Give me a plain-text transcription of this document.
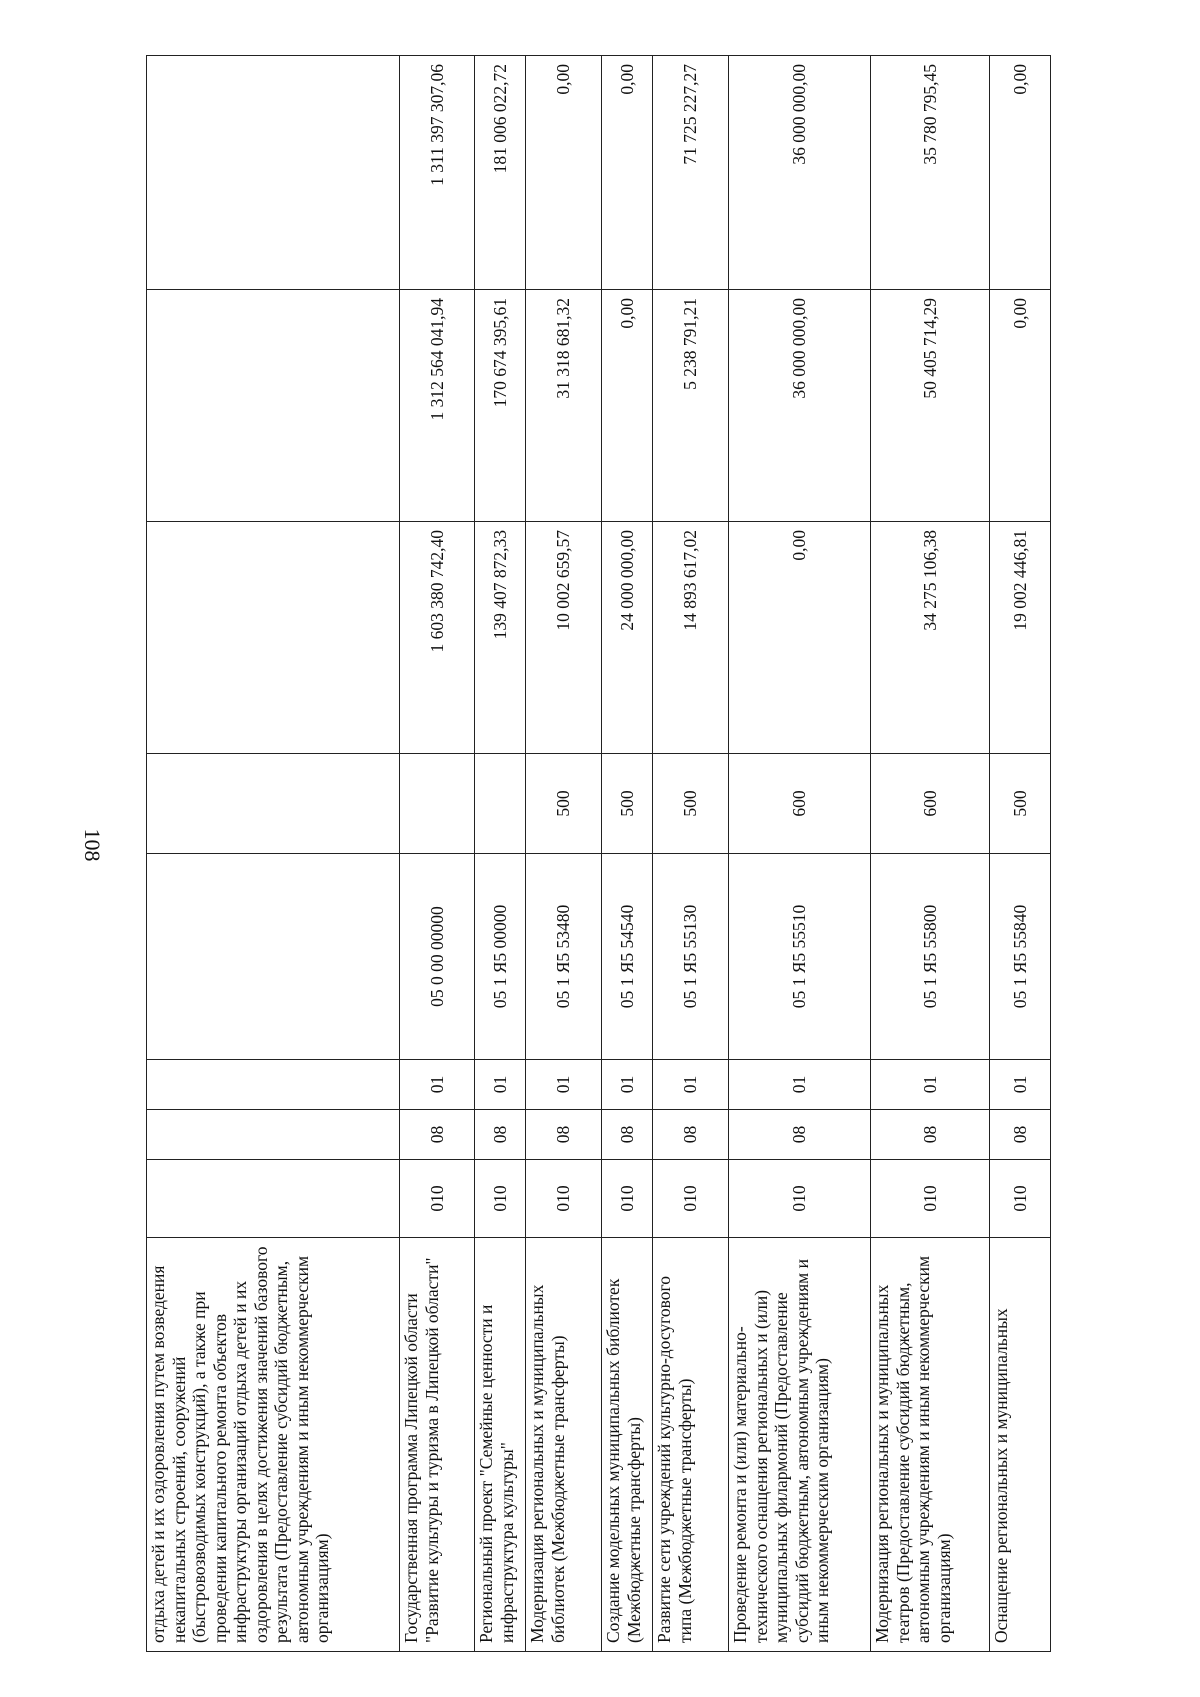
108
отдыха детей и их оздоровления путем возведения некапитальных строений, сооружений (быстровозводимых конструкций), а также при проведении капитального ремонта объектов инфраструктуры организаций отдыха детей и их оздоровления в целях достижения значений базового результата (Предоставление субсидий бюджетным, автономным учреждениям и иным некоммерческим организациям)								
Государственная программа Липецкой области "Развитие культуры и туризма в Липецкой области"	010	08	01	05 0 00 00000		1 603 380 742,40	1 312 564 041,94	1 311 397 307,06
Региональный проект "Семейные ценности и инфраструктура культуры"	010	08	01	05 1 Я5 00000		139 407 872,33	170 674 395,61	181 006 022,72
Модернизация региональных и муниципальных библиотек (Межбюджетные трансферты)	010	08	01	05 1 Я5 53480	500	10 002 659,57	31 318 681,32	0,00
Создание модельных муниципальных библиотек (Межбюджетные трансферты)	010	08	01	05 1 Я5 54540	500	24 000 000,00	0,00	0,00
Развитие сети учреждений культурно-досугового типа (Межбюджетные трансферты)	010	08	01	05 1 Я5 55130	500	14 893 617,02	5 238 791,21	71 725 227,27
Проведение ремонта и (или) материально-технического оснащения региональных и (или) муниципальных филармоний (Предоставление субсидий бюджетным, автономным учреждениям и иным некоммерческим организациям)	010	08	01	05 1 Я5 55510	600	0,00	36 000 000,00	36 000 000,00
Модернизация региональных и муниципальных театров (Предоставление субсидий бюджетным, автономным учреждениям и иным некоммерческим организациям)	010	08	01	05 1 Я5 55800	600	34 275 106,38	50 405 714,29	35 780 795,45
Оснащение региональных и муниципальных	010	08	01	05 1 Я5 55840	500	19 002 446,81	0,00	0,00
